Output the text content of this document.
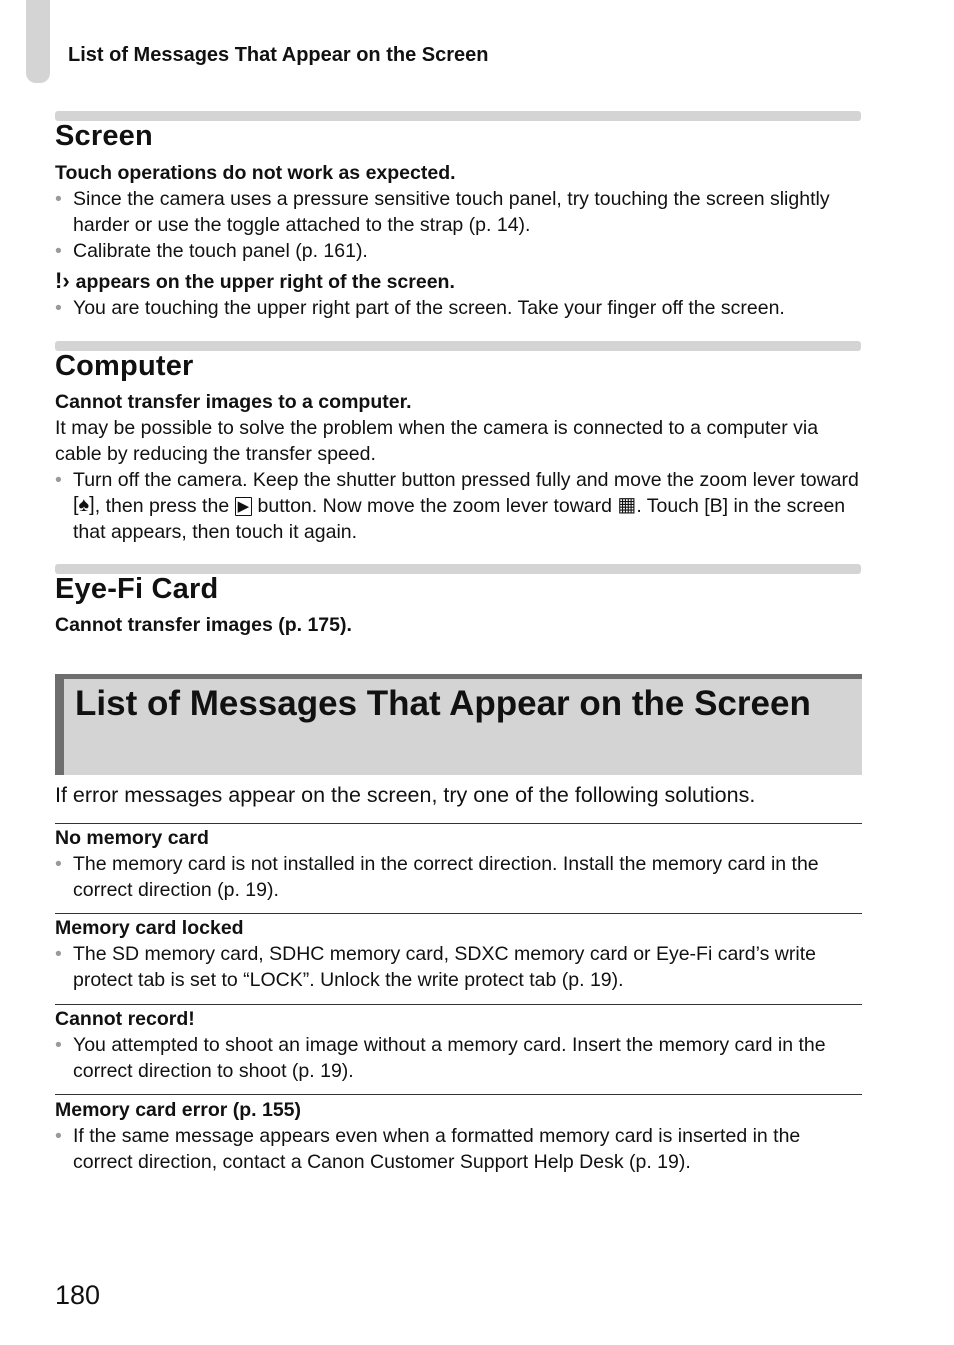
List of Messages That Appear on the Screen
Screen
Touch operations do not work as expected.
• Since the camera uses a pressure sensitive touch panel, try touching the screen slightly harder or use the toggle attached to the strap (p. 14).
• Calibrate the touch panel (p. 161).
!› appears on the upper right of the screen.
• You are touching the upper right part of the screen. Take your finger off the screen.
Computer
Cannot transfer images to a computer.
It may be possible to solve the problem when the camera is connected to a computer via cable by reducing the transfer speed.
• Turn off the camera. Keep the shutter button pressed fully and move the zoom lever toward [♠], then press the ▶ button. Now move the zoom lever toward ▦. Touch [B] in the screen that appears, then touch it again.
Eye-Fi Card
Cannot transfer images (p. 175).
List of Messages That Appear on the Screen
If error messages appear on the screen, try one of the following solutions.
No memory card
• The memory card is not installed in the correct direction. Install the memory card in the correct direction (p. 19).
Memory card locked
• The SD memory card, SDHC memory card, SDXC memory card or Eye-Fi card’s write protect tab is set to “LOCK”. Unlock the write protect tab (p. 19).
Cannot record!
• You attempted to shoot an image without a memory card. Insert the memory card in the correct direction to shoot (p. 19).
Memory card error (p. 155)
• If the same message appears even when a formatted memory card is inserted in the correct direction, contact a Canon Customer Support Help Desk (p. 19).
180
